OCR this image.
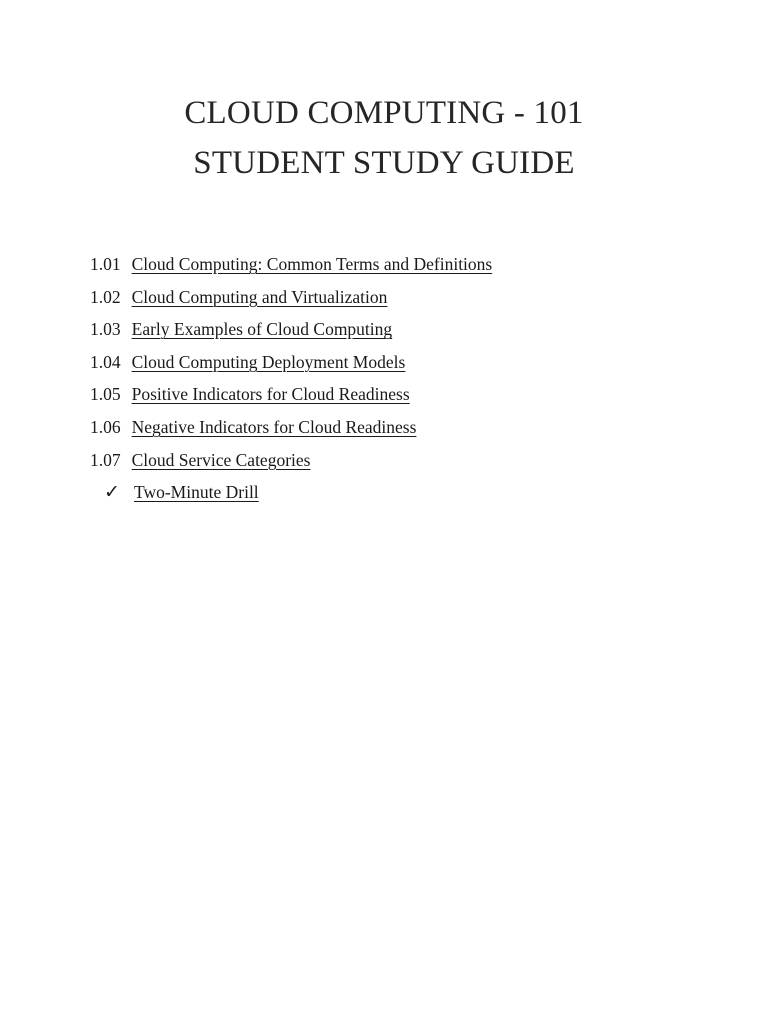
CLOUD COMPUTING - 101
STUDENT STUDY GUIDE
1.01 Cloud Computing: Common Terms and Definitions
1.02 Cloud Computing and Virtualization
1.03 Early Examples of Cloud Computing
1.04 Cloud Computing Deployment Models
1.05 Positive Indicators for Cloud Readiness
1.06 Negative Indicators for Cloud Readiness
1.07 Cloud Service Categories
✓ Two-Minute Drill
